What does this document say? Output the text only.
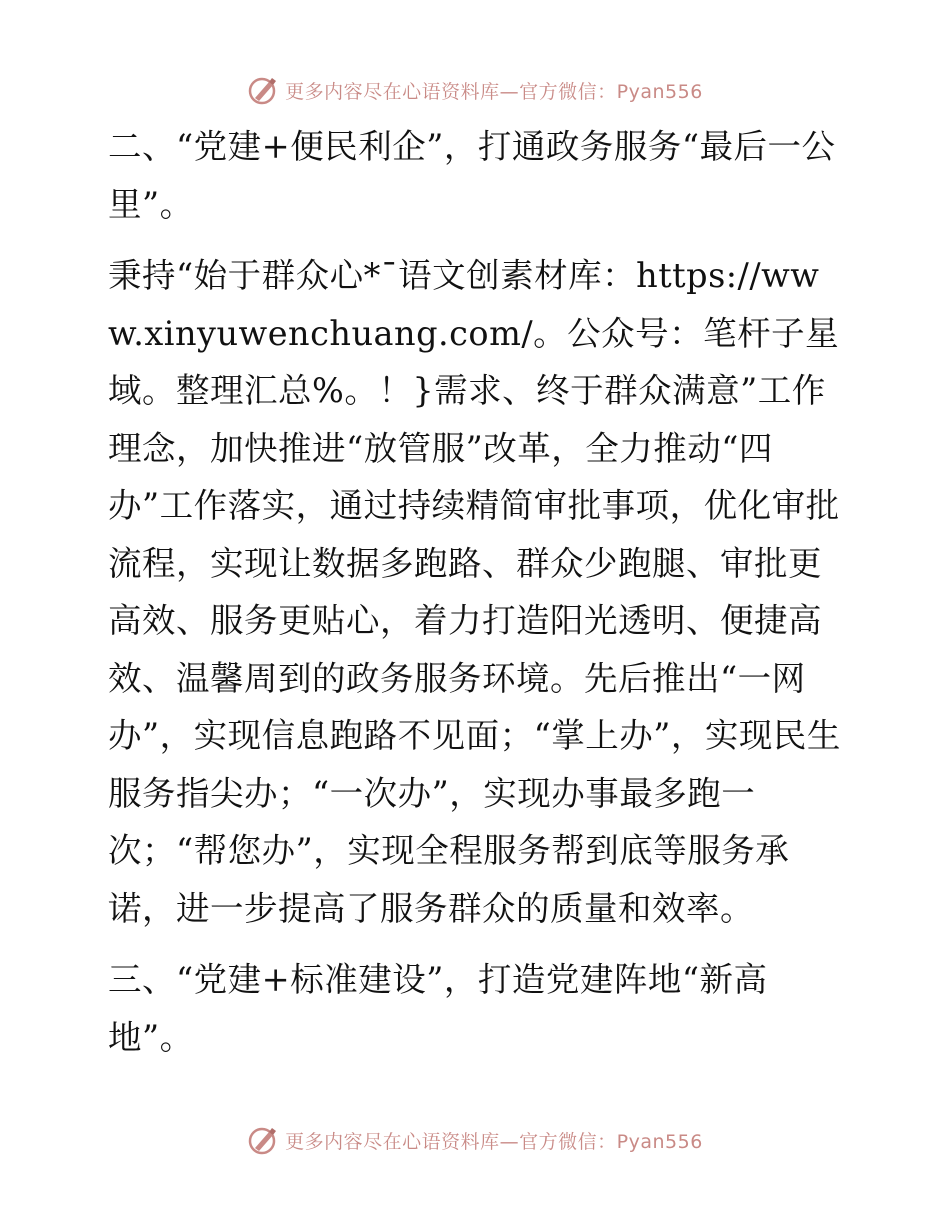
更多内容尽在心语资料库—官方微信：Pyan556

二、“党建+便民利企”，打通政务服务“最后一公里”。

秉持“始于群众心*¯语文创素材库：https://www.xinyuwenchuang.com/。公众号：笔杆子星域。整理汇总%。！}需求、终于群众满意”工作理念，加快推进“放管服”改革，全力推动“四办”工作落实，通过持续精简审批事项，优化审批流程，实现让数据多跑路、群众少跑腿、审批更高效、服务更贴心，着力打造阳光透明、便捷高效、温馨周到的政务服务环境。先后推出“一网办”，实现信息跑路不见面；“掌上办”，实现民生服务指尖办；“一次办”，实现办事最多跑一次；“帮您办”，实现全程服务帮到底等服务承诺，进一步提高了服务群众的质量和效率。

三、“党建+标准建设”，打造党建阵地“新高地”。

更多内容尽在心语资料库—官方微信：Pyan556
